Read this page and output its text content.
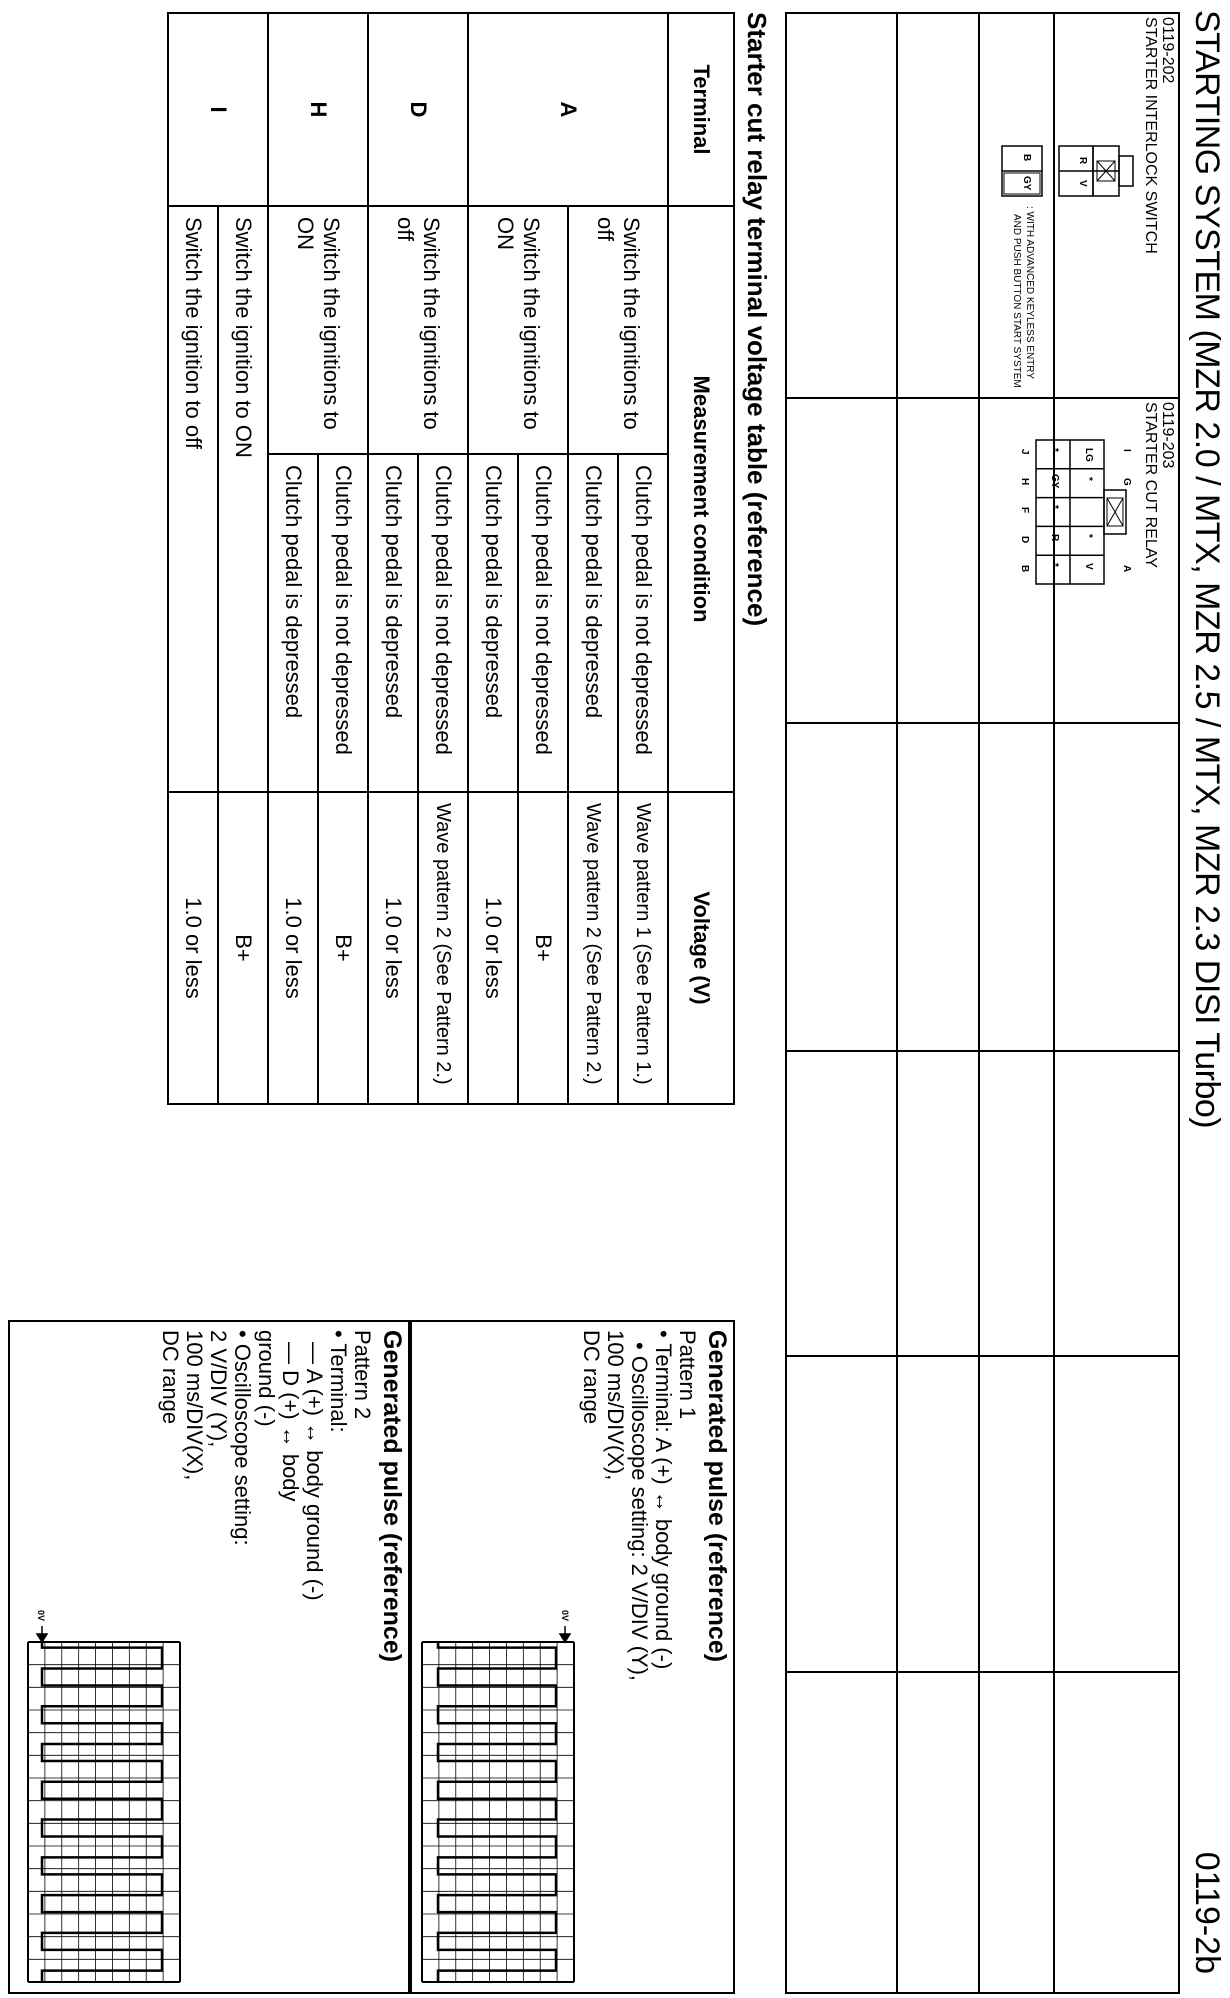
STARTING SYSTEM (MZR 2.0 / MTX, MZR 2.5 / MTX, MZR 2.3 DISI Turbo)
0119-2b
0119-202
STARTER INTERLOCK SWITCH
R
V
B
GY
: WITH ADVANCED KEYLESS ENTRY
AND PUSH BUTTON START SYSTEM
0119-203
STARTER CUT RELAY
I
G
A
LG
*
*
V
*
GY
*
R
*
J
H
F
D
B
Starter cut relay terminal voltage table (reference)
Terminal	Measurement condition		Voltage (V)
A	Switch the ignitions to off	Clutch pedal is not depressed	Wave pattern 1 (See Pattern 1.)
		Clutch pedal is depressed	Wave pattern 2 (See Pattern 2.)
	Switch the ignitions to ON	Clutch pedal is not depressed	B+
		Clutch pedal is depressed	1.0 or less
D	Switch the ignitions to off	Clutch pedal is not depressed	Wave pattern 2 (See Pattern 2.)
		Clutch pedal is depressed	1.0 or less
H	Switch the ignitions to ON	Clutch pedal is not depressed	B+
		Clutch pedal is depressed	1.0 or less
I	Switch the ignition to ON		B+
	Switch the ignition to off		1.0 or less
Generated pulse (reference)
Pattern 1
• Terminal: A (+) ↔ body ground (-)
• Oscilloscope setting: 2 V/DIV (Y),
100 ms/DIV(X),
DC range
0V
Generated pulse (reference)
Pattern 2
• Terminal:
— A (+) ↔ body ground (-)
— D (+) ↔ body
ground (-)
• Oscilloscope setting:
2 V/DIV (Y),
100 ms/DIV(X),
DC range
0V
